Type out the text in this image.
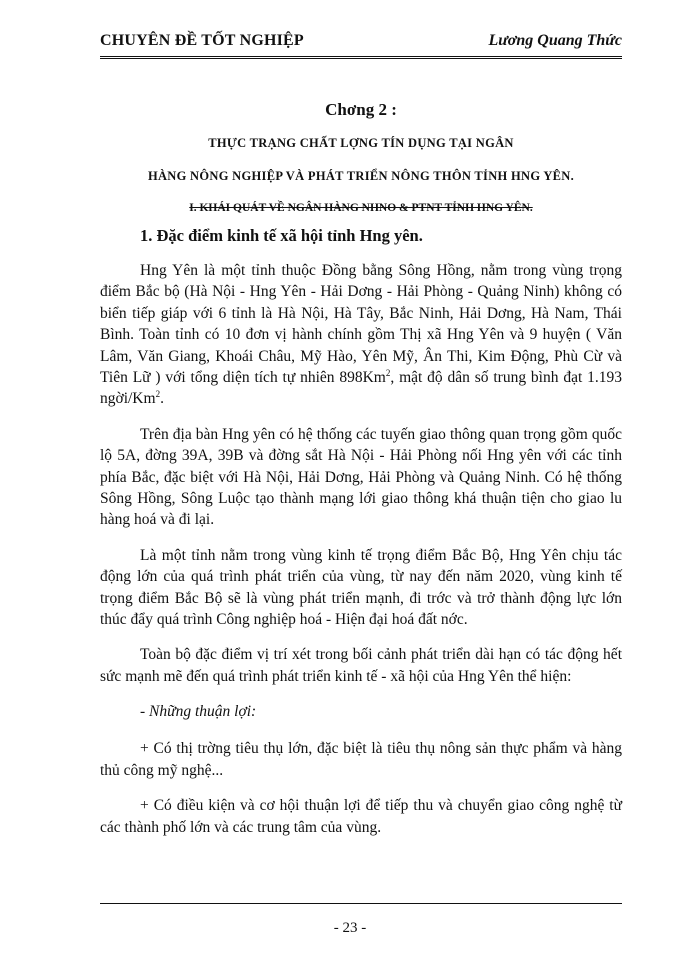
CHUYÊN ĐỀ TỐT NGHIỆP	Lương Quang Thức
Chơng 2 :
THỰC TRẠNG CHẤT LỢNG TÍN DỤNG TẠI NGÂN
HÀNG NÔNG NGHIỆP VÀ PHÁT TRIỂN NÔNG THÔN TỈNH HNG YÊN.
I. KHÁI QUÁT VỀ NGÂN HÀNG NHNO & PTNT TỈNH HNG YÊN.
1. Đặc điểm kinh tế xã hội tỉnh Hng yên.

Hng Yên là một tỉnh thuộc Đồng bằng Sông Hồng, nằm trong vùng trọng điểm Bắc bộ (Hà Nội - Hng Yên - Hải Dơng - Hải Phòng - Quảng Ninh) không có biển tiếp giáp với 6 tỉnh là Hà Nội, Hà Tây, Bắc Ninh, Hải Dơng, Hà Nam, Thái Bình. Toàn tỉnh có 10 đơn vị hành chính gồm Thị xã Hng Yên và 9 huyện ( Văn Lâm, Văn Giang, Khoái Châu, Mỹ Hào, Yên Mỹ, Ân Thi, Kim Động, Phù Cừ và Tiên Lữ ) với tổng diện tích tự nhiên 898Km$^2$, mật độ dân số trung bình đạt 1.193 ngời/Km$^2$.

Trên địa bàn Hng yên có hệ thống các tuyến giao thông quan trọng gồm quốc lộ 5A, đờng 39A, 39B và đờng sắt Hà Nội - Hải Phòng nối Hng yên với các tỉnh phía Bắc, đặc biệt với Hà Nội, Hải Dơng, Hải Phòng và Quảng Ninh. Có hệ thống Sông Hồng, Sông Luộc tạo thành mạng lới giao thông khá thuận tiện cho giao lu hàng hoá và đi lại.

Là một tỉnh nằm trong vùng kinh tế trọng điểm Bắc Bộ, Hng Yên chịu tác động lớn của quá trình phát triển của vùng, từ nay đến năm 2020, vùng kinh tế trọng điểm Bắc Bộ sẽ là vùng phát triển mạnh, đi trớc và trở thành động lực lớn thúc đẩy quá trình Công nghiệp hoá - Hiện đại hoá đất nớc.

Toàn bộ đặc điểm vị trí xét trong bối cảnh phát triển dài hạn có tác động hết sức mạnh mẽ đến quá trình phát triển kinh tế - xã hội của Hng Yên thể hiện:

- Những thuận lợi:

+ Có thị trờng tiêu thụ lớn, đặc biệt là tiêu thụ nông sản thực phẩm và hàng thủ công mỹ nghệ...

+ Có điều kiện và cơ hội thuận lợi để tiếp thu và chuyển giao công nghệ từ các thành phố lớn và các trung tâm của vùng.

- 23 -
